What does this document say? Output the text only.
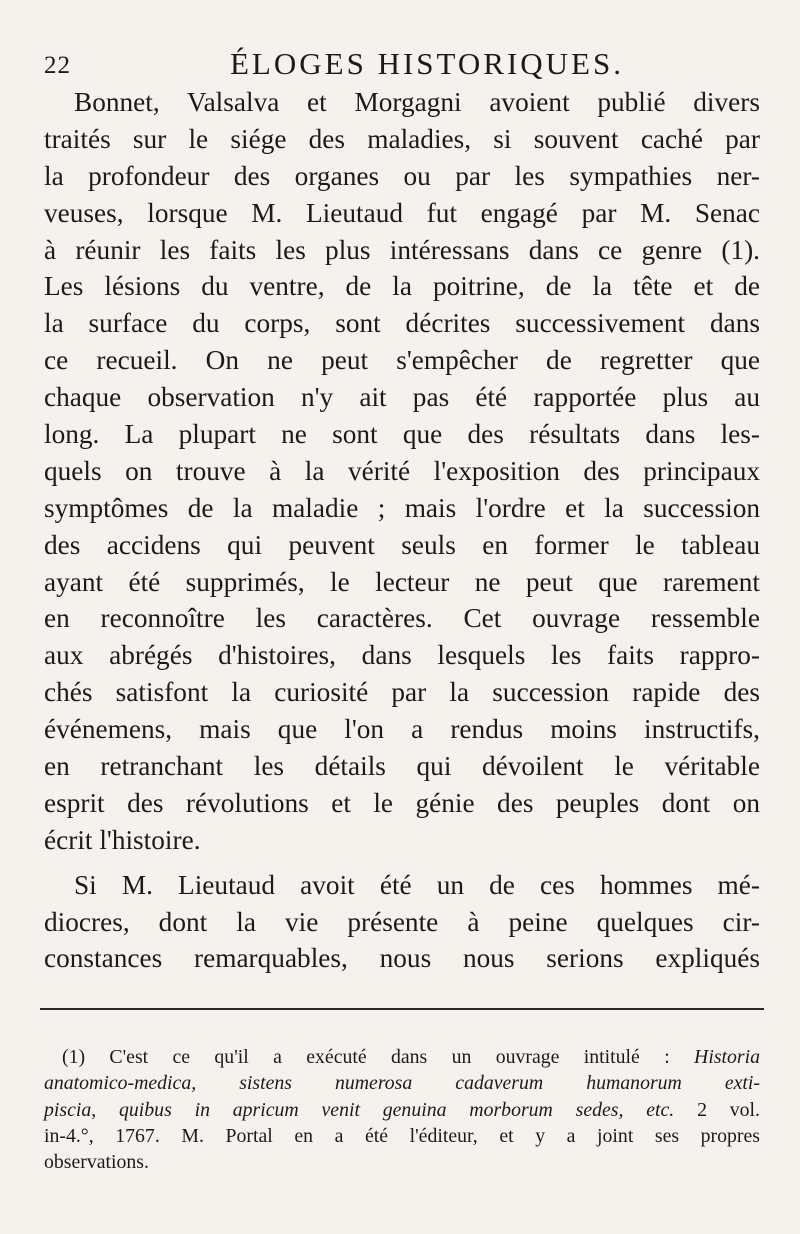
22	ÉLOGES HISTORIQUES.
Bonnet, Valsalva et Morgagni avoient publié divers
traités sur le siége des maladies, si souvent caché par
la profondeur des organes ou par les sympathies ner-
veuses, lorsque M. Lieutaud fut engagé par M. Senac
à réunir les faits les plus intéressans dans ce genre (1).
Les lésions du ventre, de la poitrine, de la tête et de
la surface du corps, sont décrites successivement dans
ce recueil. On ne peut s'empêcher de regretter que
chaque observation n'y ait pas été rapportée plus au
long. La plupart ne sont que des résultats dans les-
quels on trouve à la vérité l'exposition des principaux
symptômes de la maladie ; mais l'ordre et la succession
des accidens qui peuvent seuls en former le tableau
ayant été supprimés, le lecteur ne peut que rarement
en reconnoître les caractères. Cet ouvrage ressemble
aux abrégés d'histoires, dans lesquels les faits rappro-
chés satisfont la curiosité par la succession rapide des
événemens, mais que l'on a rendus moins instructifs,
en retranchant les détails qui dévoilent le véritable
esprit des révolutions et le génie des peuples dont on
écrit l'histoire.
Si M. Lieutaud avoit été un de ces hommes mé-
diocres, dont la vie présente à peine quelques cir-
constances remarquables, nous nous serions expliqués
(1) C'est ce qu'il a exécuté dans un ouvrage intitulé : Historia
anatomico-medica, sistens numerosa cadaverum humanorum exti-
piscia, quibus in apricum venit genuina morborum sedes, etc. 2 vol.
in-4.°, 1767. M. Portal en a été l'éditeur, et y a joint ses propres
observations.
